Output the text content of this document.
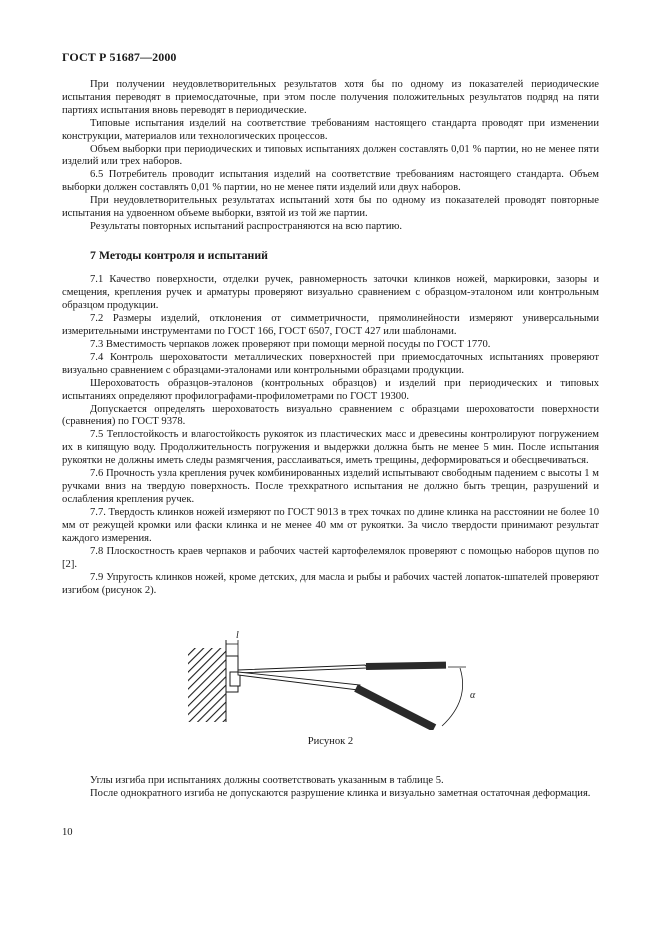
ГОСТ Р 51687—2000

При получении неудовлетворительных результатов хотя бы по одному из показателей периодические испытания переводят в приемосдаточные, при этом после получения положительных результатов подряд на пяти партиях испытания вновь переводят в периодические.

Типовые испытания изделий на соответствие требованиям настоящего стандарта проводят при изменении конструкции, материалов или технологических процессов.

Объем выборки при периодических и типовых испытаниях должен составлять 0,01 % партии, но не менее пяти изделий или трех наборов.

6.5 Потребитель проводит испытания изделий на соответствие требованиям настоящего стандарта. Объем выборки должен составлять 0,01 % партии, но не менее пяти изделий или двух наборов.

При неудовлетворительных результатах испытаний хотя бы по одному из показателей проводят повторные испытания на удвоенном объеме выборки, взятой из той же партии.

Результаты повторных испытаний распространяются на всю партию.

7 Методы контроля и испытаний

7.1 Качество поверхности, отделки ручек, равномерность заточки клинков ножей, маркировки, зазоры и смещения, крепления ручек и арматуры проверяют визуально сравнением с образцом-эталоном или контрольным образцом продукции.

7.2 Размеры изделий, отклонения от симметричности, прямолинейности измеряют универсальными измерительными инструментами по ГОСТ 166, ГОСТ 6507, ГОСТ 427 или шаблонами.

7.3 Вместимость черпаков ложек проверяют при помощи мерной посуды по ГОСТ 1770.

7.4 Контроль шероховатости металлических поверхностей при приемосдаточных испытаниях проверяют визуально сравнением с образцами-эталонами или контрольными образцами продукции.

Шероховатость образцов-эталонов (контрольных образцов) и изделий при периодических и типовых испытаниях определяют профилографами-профилометрами по ГОСТ 19300.

Допускается определять шероховатость визуально сравнением с образцами шероховатости поверхности (сравнения) по ГОСТ 9378.

7.5 Теплостойкость и влагостойкость рукояток из пластических масс и древесины контролируют погружением их в кипящую воду. Продолжительность погружения и выдержки должна быть не менее 5 мин. После испытания рукоятки не должны иметь следы размягчения, расслаиваться, иметь трещины, деформироваться и обесцвечиваться.

7.6 Прочность узла крепления ручек комбинированных изделий испытывают свободным падением с высоты 1 м ручками вниз на твердую поверхность. После трехкратного испытания не должно быть трещин, разрушений и ослабления крепления ручек.

7.7. Твердость клинков ножей измеряют по ГОСТ 9013 в трех точках по длине клинка на расстоянии не более 10 мм от режущей кромки или фаски клинка и не менее 40 мм от рукоятки. За число твердости принимают результат каждого измерения.

7.8 Плоскостность краев черпаков и рабочих частей картофелемялок проверяют с помощью наборов щупов по [2].

7.9 Упругость клинков ножей, кроме детских, для масла и рыбы и рабочих частей лопаток-шпателей проверяют изгибом (рисунок 2).

l
α
Рисунок 2

Углы изгиба при испытаниях должны соответствовать указанным в таблице 5.

После однократного изгиба не допускаются разрушение клинка и визуально заметная остаточная деформация.

10
